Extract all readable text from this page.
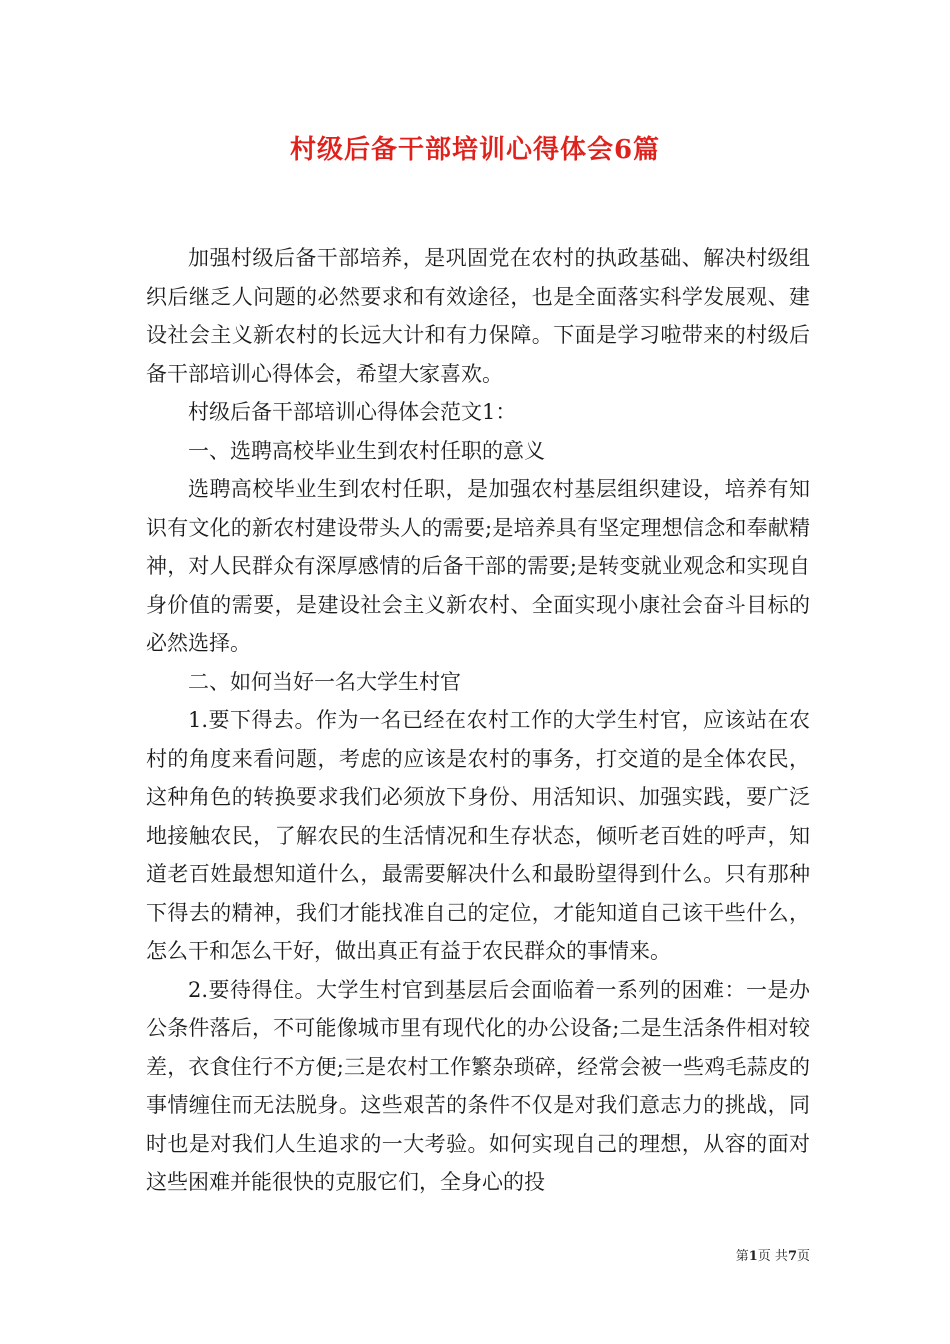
村级后备干部培训心得体会6篇

加强村级后备干部培养，是巩固党在农村的执政基础、解决村级组织后继乏人问题的必然要求和有效途径，也是全面落实科学发展观、建设社会主义新农村的长远大计和有力保障。下面是学习啦带来的村级后备干部培训心得体会，希望大家喜欢。

村级后备干部培训心得体会范文1：

一、选聘高校毕业生到农村任职的意义

选聘高校毕业生到农村任职，是加强农村基层组织建设，培养有知识有文化的新农村建设带头人的需要;是培养具有坚定理想信念和奉献精神，对人民群众有深厚感情的后备干部的需要;是转变就业观念和实现自身价值的需要，是建设社会主义新农村、全面实现小康社会奋斗目标的必然选择。

二、如何当好一名大学生村官

1.要下得去。作为一名已经在农村工作的大学生村官，应该站在农村的角度来看问题，考虑的应该是农村的事务，打交道的是全体农民，这种角色的转换要求我们必须放下身份、用活知识、加强实践，要广泛地接触农民，了解农民的生活情况和生存状态，倾听老百姓的呼声，知道老百姓最想知道什么，最需要解决什么和最盼望得到什么。只有那种下得去的精神，我们才能找准自己的定位，才能知道自己该干些什么，怎么干和怎么干好，做出真正有益于农民群众的事情来。

2.要待得住。大学生村官到基层后会面临着一系列的困难：一是办公条件落后，不可能像城市里有现代化的办公设备;二是生活条件相对较差，衣食住行不方便;三是农村工作繁杂琐碎，经常会被一些鸡毛蒜皮的事情缠住而无法脱身。这些艰苦的条件不仅是对我们意志力的挑战，同时也是对我们人生追求的一大考验。如何实现自己的理想，从容的面对这些困难并能很快的克服它们，全身心的投

第1页 共7页
